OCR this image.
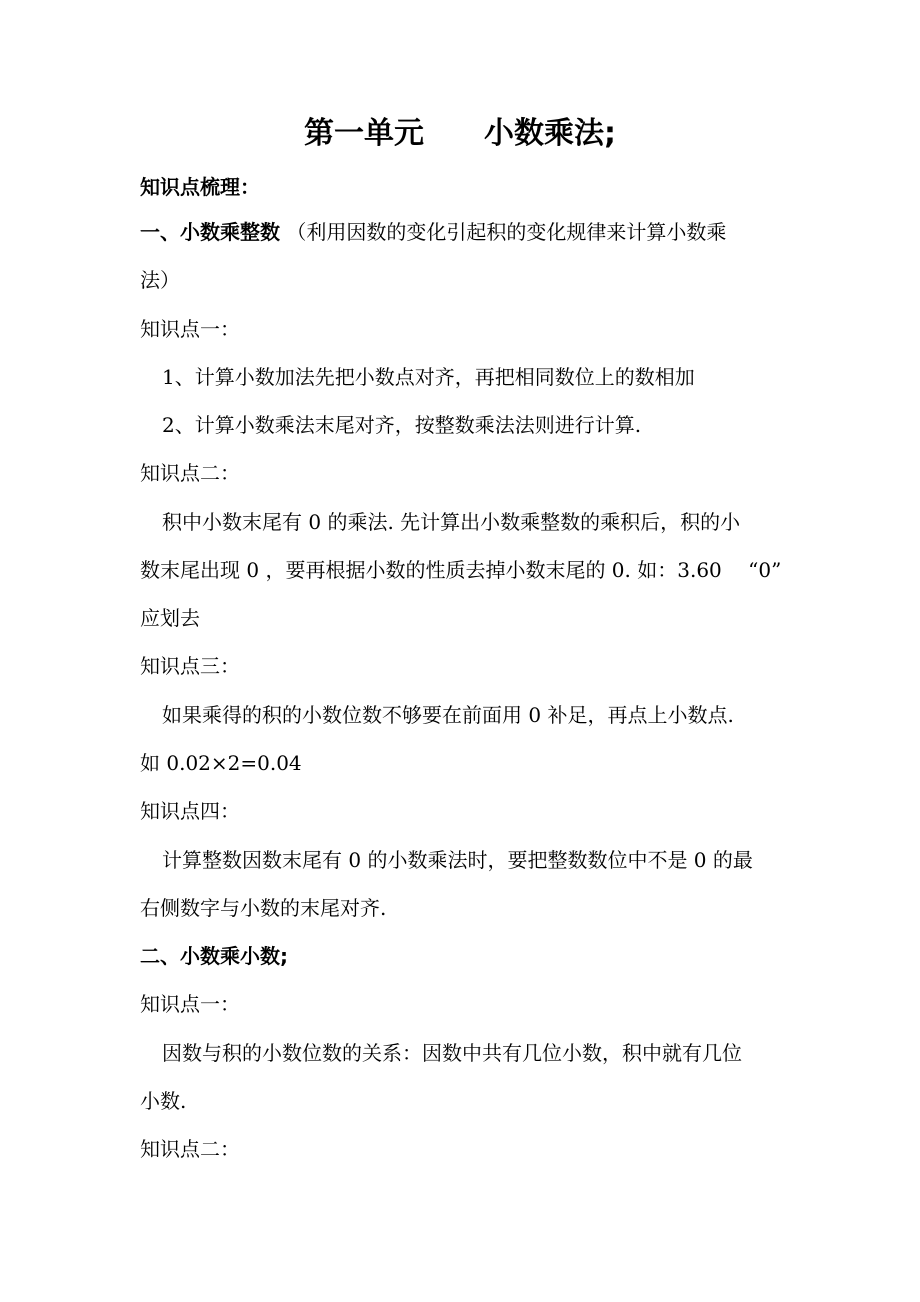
第一单元　　小数乘法;
知识点梳理：
一、小数乘整数 （利用因数的变化引起积的变化规律来计算小数乘
法）
知识点一：
1、计算小数加法先把小数点对齐，再把相同数位上的数相加
2、计算小数乘法末尾对齐，按整数乘法法则进行计算.
知识点二：
积中小数末尾有 0 的乘法. 先计算出小数乘整数的乘积后，积的小
数末尾出现 0 ，要再根据小数的性质去掉小数末尾的 0. 如：3.60　 “0”
应划去
知识点三：
如果乘得的积的小数位数不够要在前面用 0 补足，再点上小数点.
如 0.02×2=0.04
知识点四：
计算整数因数末尾有 0 的小数乘法时，要把整数数位中不是 0 的最
右侧数字与小数的末尾对齐.
二、小数乘小数;
知识点一：
因数与积的小数位数的关系：因数中共有几位小数，积中就有几位
小数.
知识点二：
